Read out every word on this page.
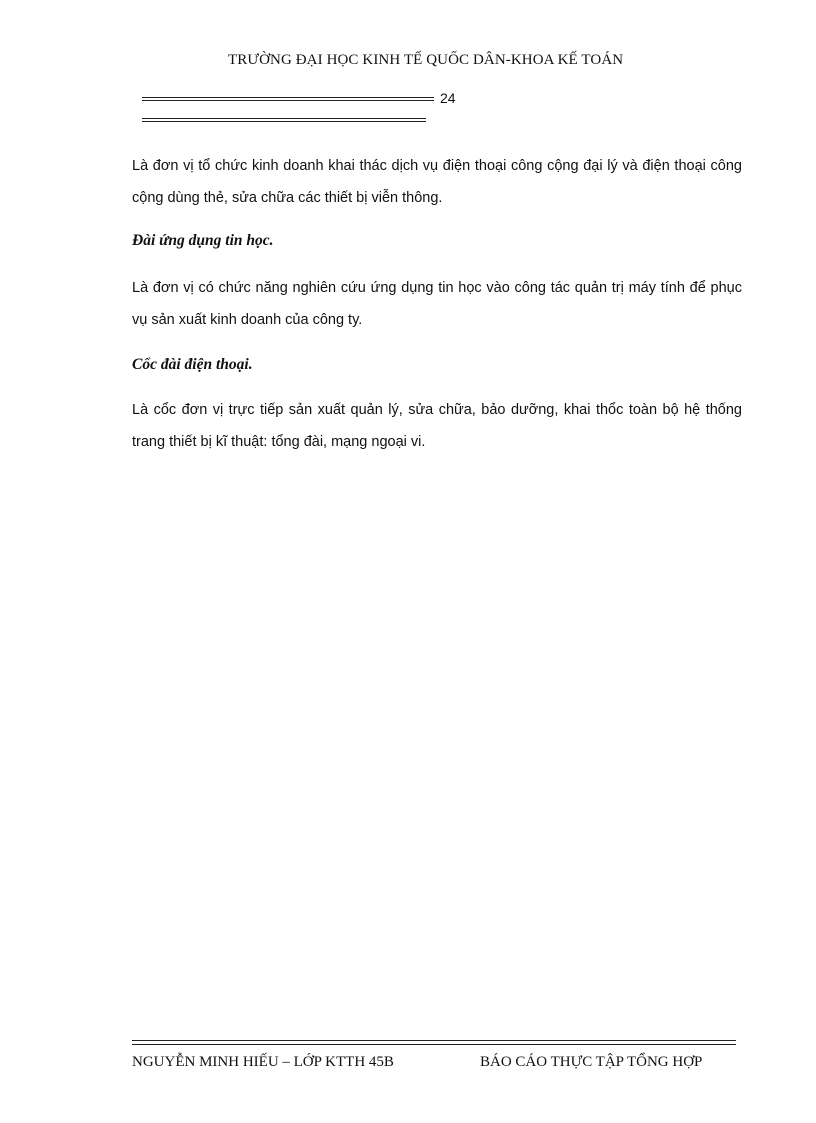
TRƯỜNG ĐẠI HỌC KINH TẾ QUỐC DÂN-KHOA KẾ TOÁN
24

Là đơn vị tổ chức kinh doanh khai thác dịch vụ điện thoại công cộng đại lý và điện thoại công cộng dùng thẻ, sửa chữa các thiết bị viễn thông.

Đài ứng dụng tin học.

Là đơn vị có chức năng nghiên cứu ứng dụng tin học vào công tác quản trị máy tính để phục vụ sản xuất kinh doanh của công ty.

Cổc đài điện thoại.

Là cổc đơn vị trực tiếp sản xuất quản lý, sửa chữa, bảo dưỡng, khai thổc toàn bộ hệ thống trang thiết bị kĩ thuật: tổng đài, mạng ngoại vi.

NGUYỄN MINH HIẾU – LỚP KTTH 45B	BÁO CÁO THỰC TẬP TỔNG HỢP
